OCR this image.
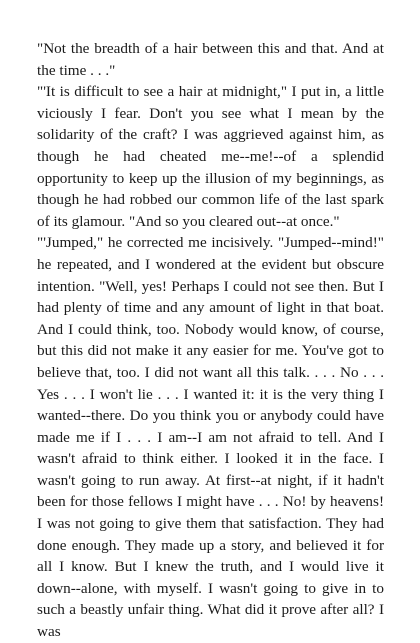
"Not the breadth of a hair between this and that. And at the time . . ."

"'It is difficult to see a hair at midnight," I put in, a little viciously I fear. Don't you see what I mean by the solidarity of the craft? I was aggrieved against him, as though he had cheated me--me!--of a splendid opportunity to keep up the illusion of my beginnings, as though he had robbed our common life of the last spark of its glamour. "And so you cleared out--at once."

"'Jumped," he corrected me incisively. "Jumped--mind!" he repeated, and I wondered at the evident but obscure intention. "Well, yes! Perhaps I could not see then. But I had plenty of time and any amount of light in that boat. And I could think, too. Nobody would know, of course, but this did not make it any easier for me. You've got to believe that, too. I did not want all this talk. . . . No . . . Yes . . . I won't lie . . . I wanted it: it is the very thing I wanted--there. Do you think you or anybody could have made me if I . . . I am--I am not afraid to tell. And I wasn't afraid to think either. I looked it in the face. I wasn't going to run away. At first--at night, if it hadn't been for those fellows I might have . . . No! by heavens! I was not going to give them that satisfaction. They had done enough. They made up a story, and believed it for all I know. But I knew the truth, and I would live it down--alone, with myself. I wasn't going to give in to such a beastly unfair thing. What did it prove after all? I was
